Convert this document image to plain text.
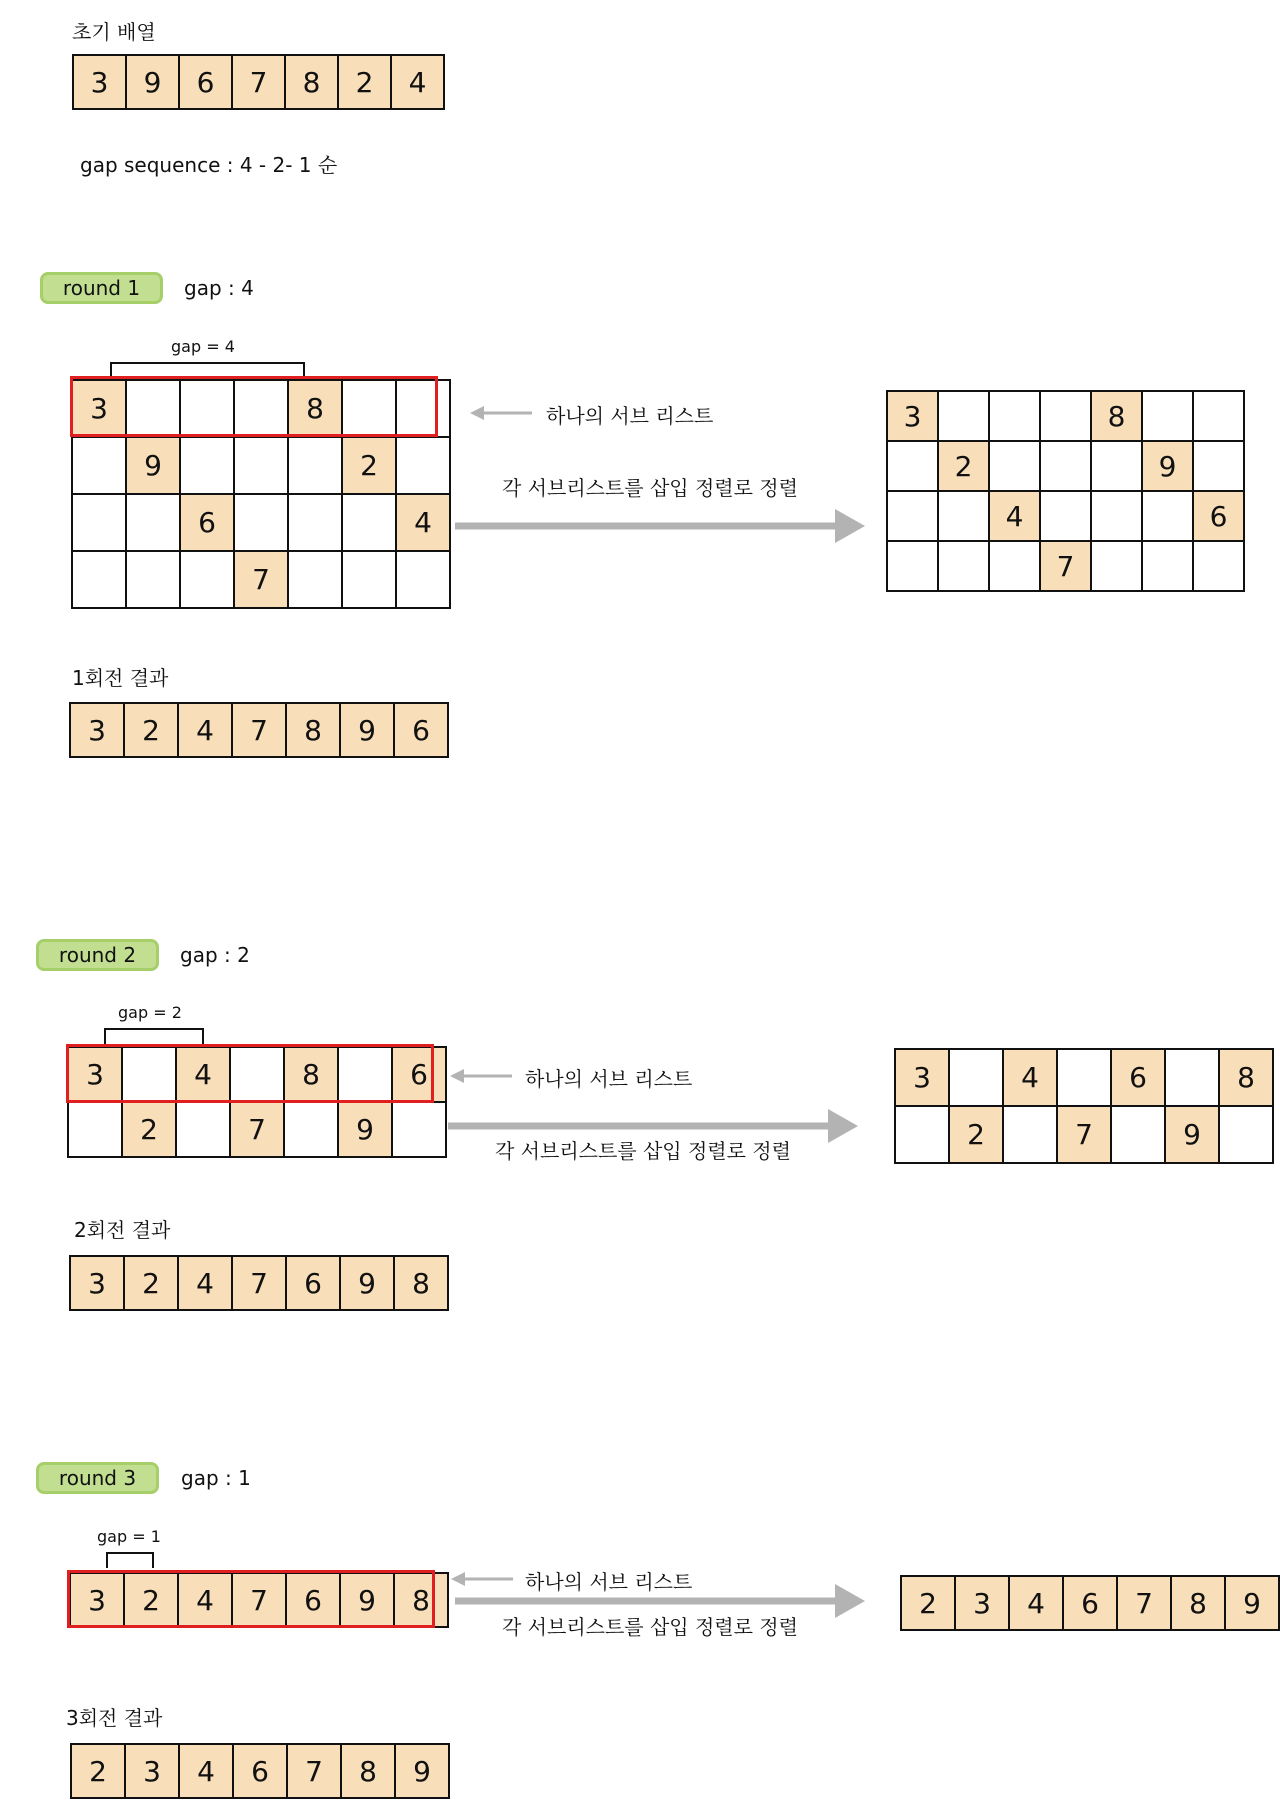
초기 배열
3	9	6	7	8	2	4
gap sequence : 4 - 2- 1 순
round 1	gap : 4
gap = 4
3				8		
	9				2	
		6				4
			7			
하나의 서브 리스트
각 서브리스트를 삽입 정렬로 정렬
3				8		
	2				9	
		4				6
			7			
1회전 결과
3	2	4	7	8	9	6
round 2	gap : 2
gap = 2
3		4		8		6
	2		7		9	
하나의 서브 리스트
각 서브리스트를 삽입 정렬로 정렬
3		4		6		8
	2		7		9	
2회전 결과
3	2	4	7	6	9	8
round 3	gap : 1
gap = 1
3	2	4	7	6	9	8
하나의 서브 리스트
각 서브리스트를 삽입 정렬로 정렬
2	3	4	6	7	8	9
3회전 결과
2	3	4	6	7	8	9
